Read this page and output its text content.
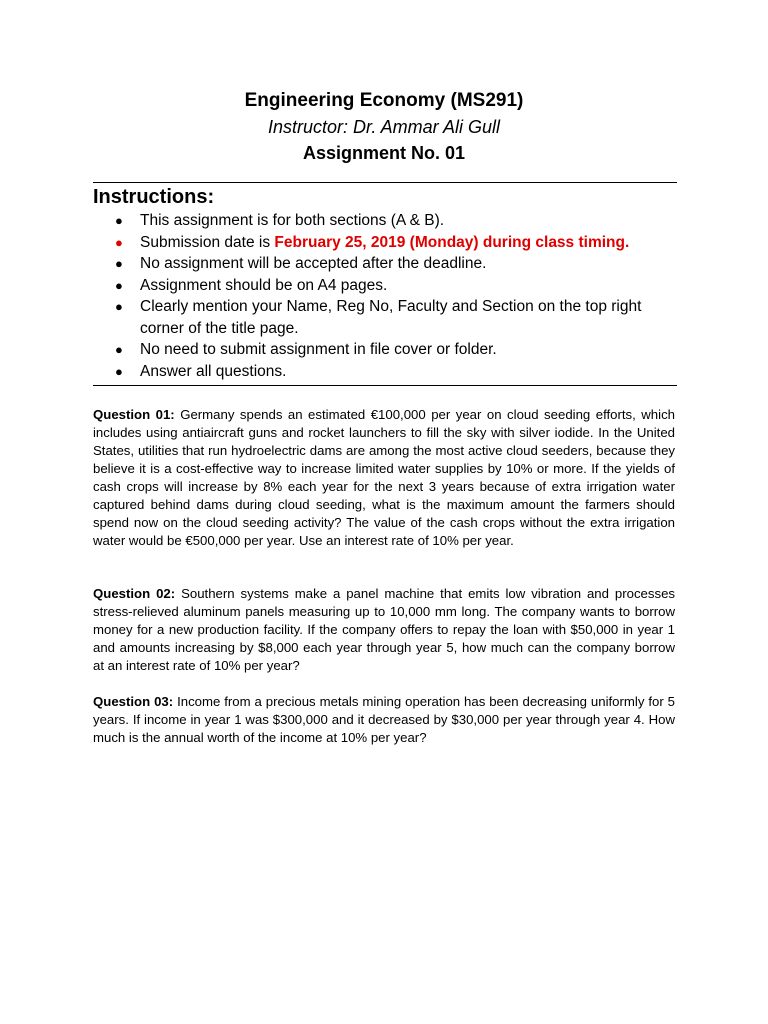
Engineering Economy (MS291)
Instructor: Dr. Ammar Ali Gull
Assignment No. 01
Instructions:
● This assignment is for both sections (A & B).
● Submission date is February 25, 2019 (Monday) during class timing.
● No assignment will be accepted after the deadline.
● Assignment should be on A4 pages.
● Clearly mention your Name, Reg No, Faculty and Section on the top right corner of the title page.
● No need to submit assignment in file cover or folder.
● Answer all questions.
Question 01: Germany spends an estimated €100,000 per year on cloud seeding efforts, which includes using antiaircraft guns and rocket launchers to fill the sky with silver iodide. In the United States, utilities that run hydroelectric dams are among the most active cloud seeders, because they believe it is a cost-effective way to increase limited water supplies by 10% or more. If the yields of cash crops will increase by 8% each year for the next 3 years because of extra irrigation water captured behind dams during cloud seeding, what is the maximum amount the farmers should spend now on the cloud seeding activity? The value of the cash crops without the extra irrigation water would be €500,000 per year. Use an interest rate of 10% per year.
Question 02: Southern systems make a panel machine that emits low vibration and processes stress-relieved aluminum panels measuring up to 10,000 mm long. The company wants to borrow money for a new production facility. If the company offers to repay the loan with $50,000 in year 1 and amounts increasing by $8,000 each year through year 5, how much can the company borrow at an interest rate of 10% per year?
Question 03: Income from a precious metals mining operation has been decreasing uniformly for 5 years. If income in year 1 was $300,000 and it decreased by $30,000 per year through year 4. How much is the annual worth of the income at 10% per year?
